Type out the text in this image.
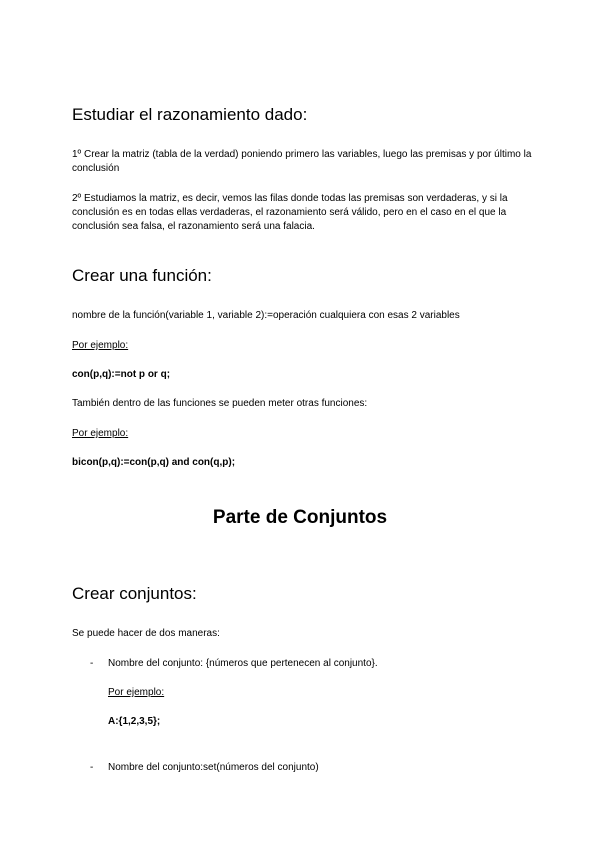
Estudiar el razonamiento dado:

1º Crear la matriz (tabla de la verdad) poniendo primero las variables, luego las premisas y por último la conclusión

2º Estudiamos la matriz, es decir, vemos las filas donde todas las premisas son verdaderas, y si la conclusión es en todas ellas verdaderas, el razonamiento será válido, pero en el caso en el que la conclusión sea falsa, el razonamiento será una falacia.

Crear una función:

nombre de la función(variable 1, variable 2):=operación cualquiera con esas 2 variables

Por ejemplo:

con(p,q):=not p or q;

También dentro de las funciones se pueden meter otras funciones:

Por ejemplo:

bicon(p,q):=con(p,q) and con(q,p);

Parte de Conjuntos
Crear conjuntos:

Se puede hacer de dos maneras:

- Nombre del conjunto: {números que pertenecen al conjunto}.

Por ejemplo:

A:{1,2,3,5};

- Nombre del conjunto:set(números del conjunto)
